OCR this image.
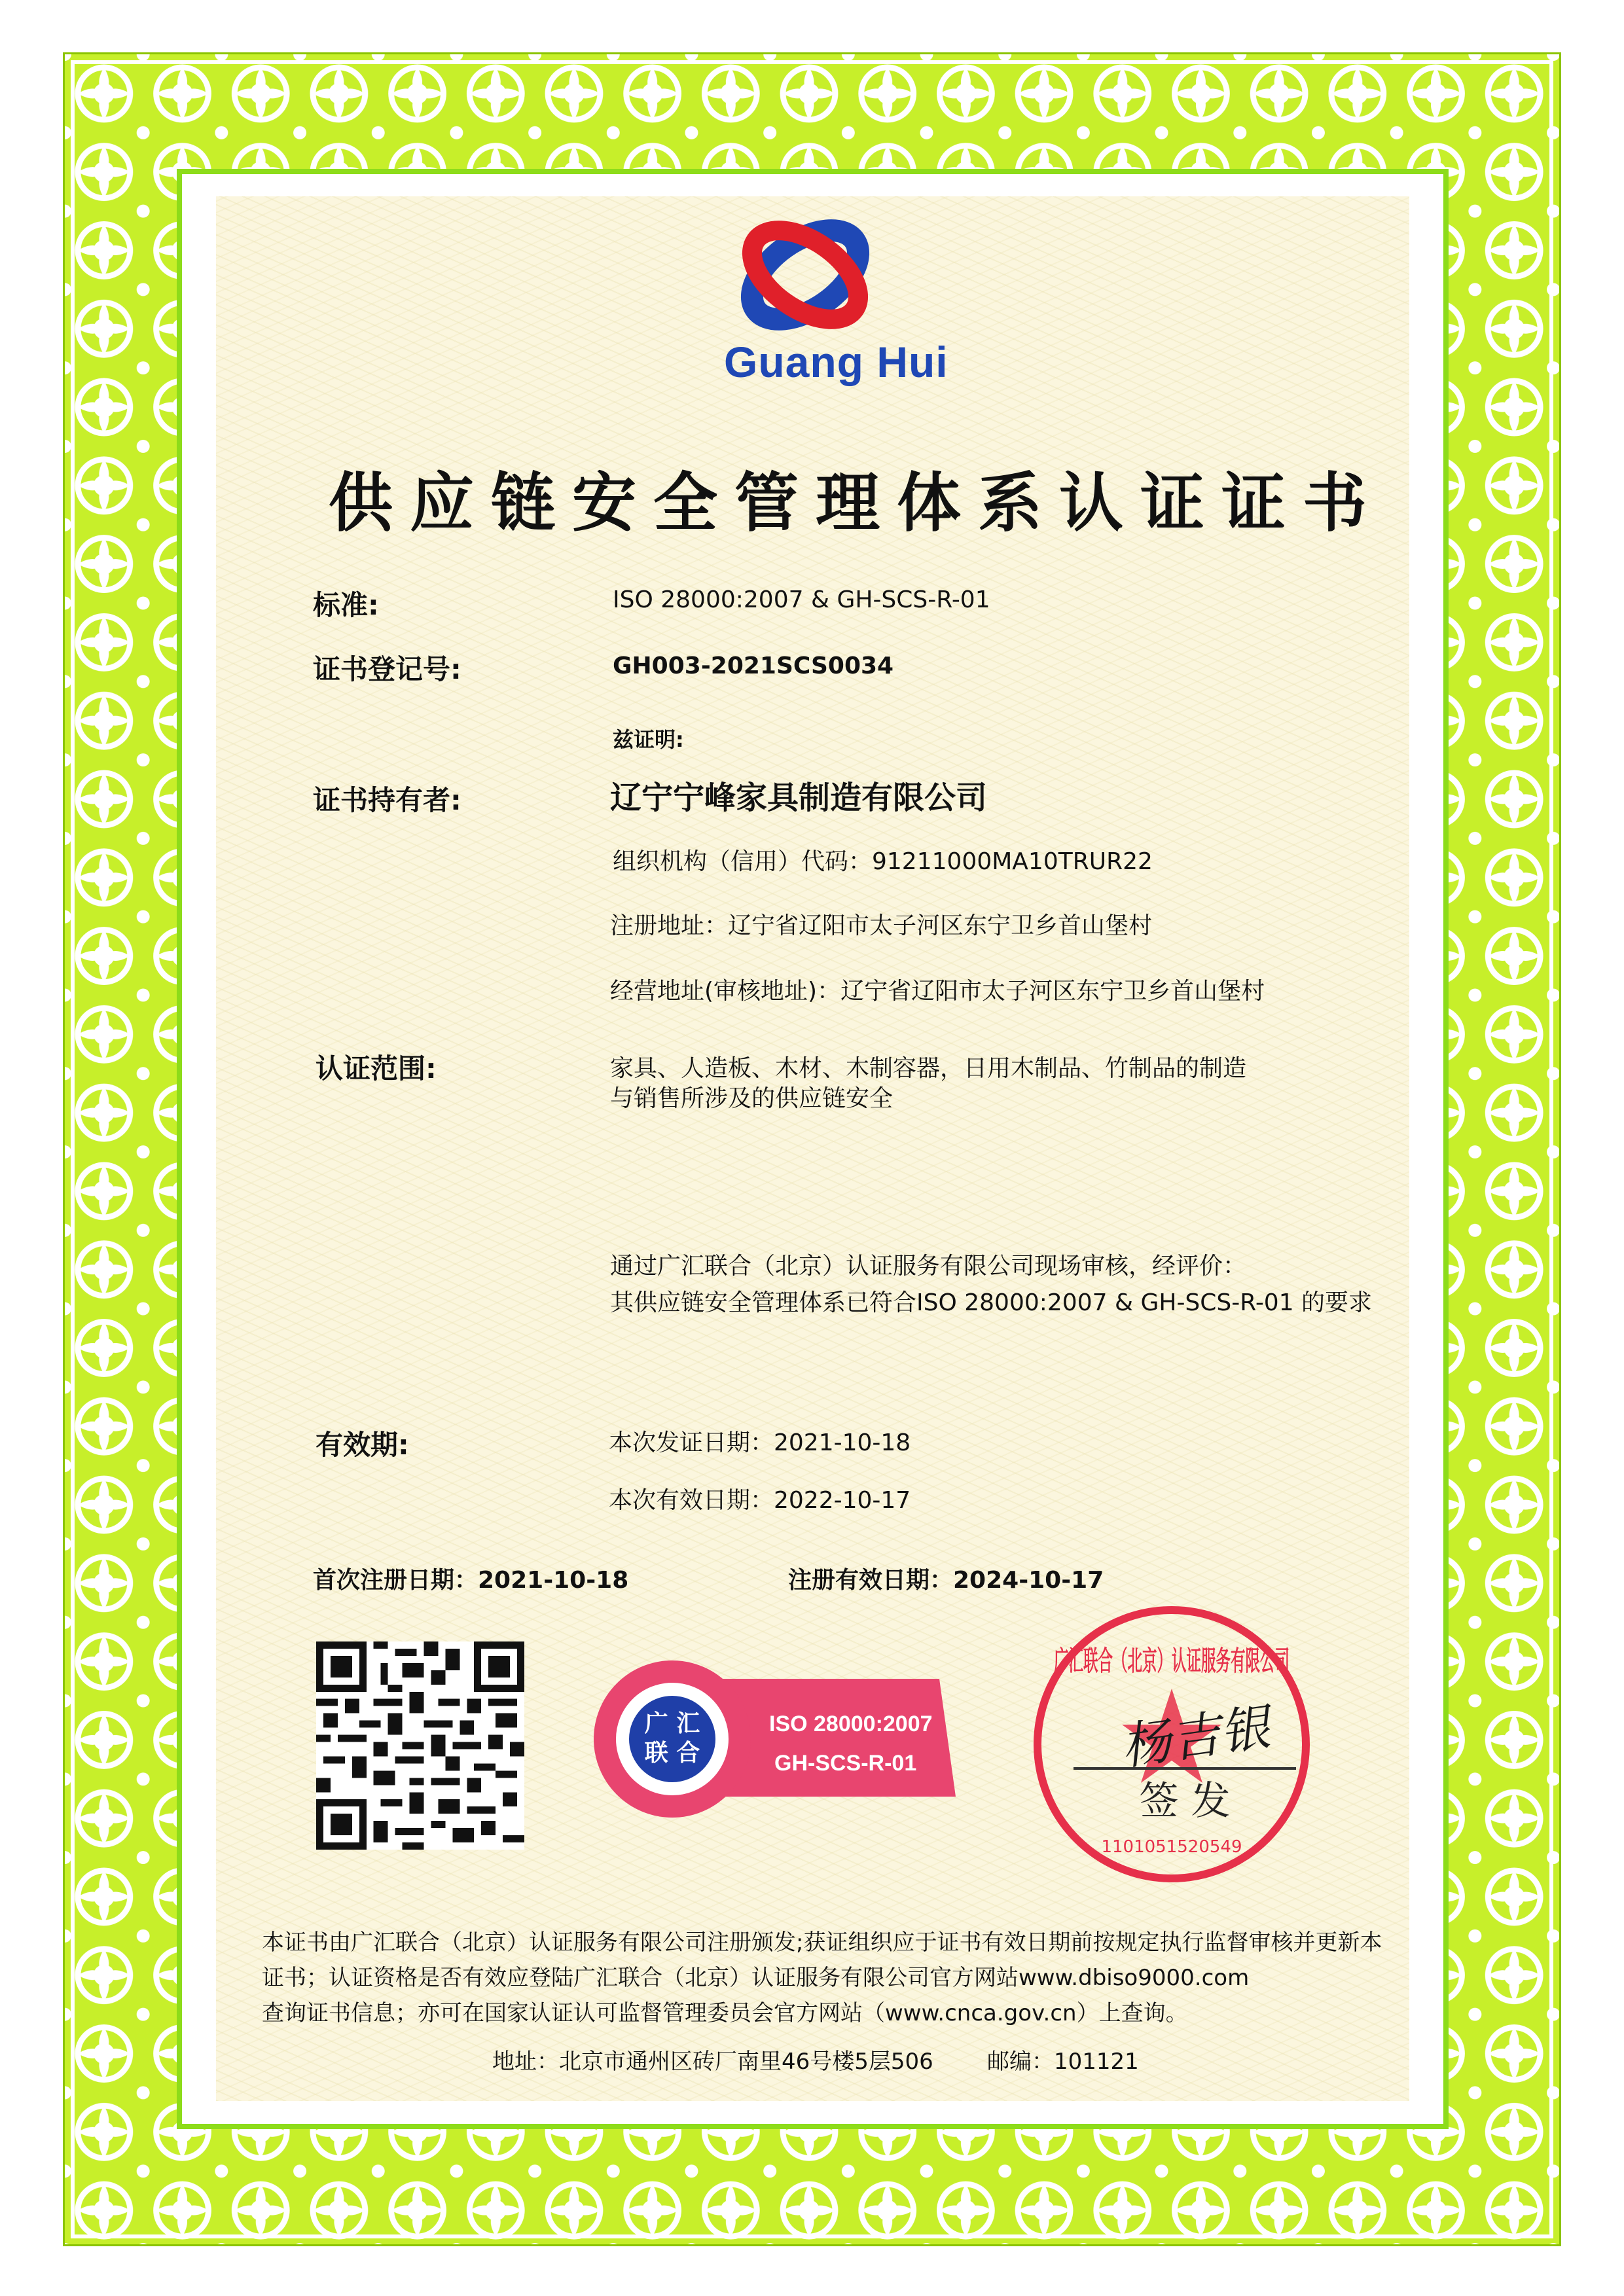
Guang Hui
供应链安全管理体系认证证书
标准:	ISO 28000:2007 & GH-SCS-R-01
证书登记号:	GH003-2021SCS0034
兹证明:
证书持有者:	辽宁宁峰家具制造有限公司
组织机构（信用）代码：91211000MA10TRUR22
注册地址：辽宁省辽阳市太子河区东宁卫乡首山堡村
经营地址(审核地址)：辽宁省辽阳市太子河区东宁卫乡首山堡村
认证范围:	家具、人造板、木材、木制容器，日用木制品、竹制品的制造
与销售所涉及的供应链安全
通过广汇联合（北京）认证服务有限公司现场审核，经评价：
其供应链安全管理体系已符合ISO 28000:2007 & GH-SCS-R-01 的要求
有效期:	本次发证日期：2021-10-18
本次有效日期：2022-10-17
首次注册日期：2021-10-18	注册有效日期：2024-10-17
广 汇
联 合
ISO 28000:2007
GH-SCS-R-01
广汇联合（北京）认证服务有限公司
1101051520549
杨吉银
签 发
本证书由广汇联合（北京）认证服务有限公司注册颁发;获证组织应于证书有效日期前按规定执行监督审核并更新本
证书；认证资格是否有效应登陆广汇联合（北京）认证服务有限公司官方网站www.dbiso9000.com
查询证书信息；亦可在国家认证认可监督管理委员会官方网站（www.cnca.gov.cn）上查询。
地址：北京市通州区砖厂南里46号楼5层506 邮编：101121
